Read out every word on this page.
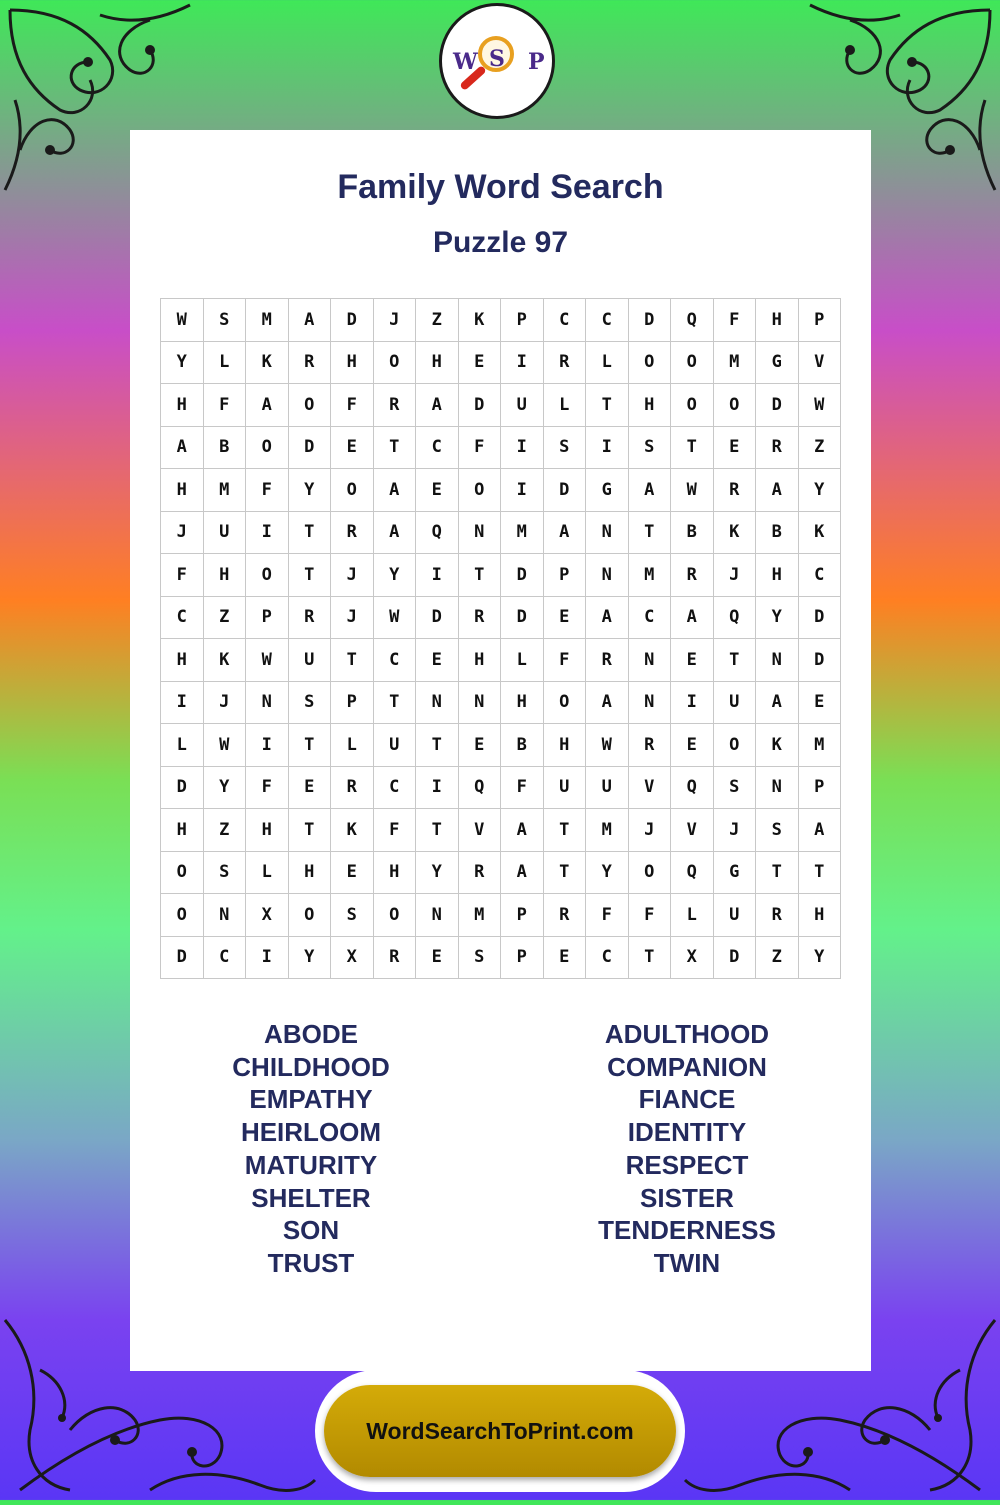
W S P
Family Word Search
Puzzle 97
W	S	M	A	D	J	Z	K	P	C	C	D	Q	F	H	P
Y	L	K	R	H	O	H	E	I	R	L	O	O	M	G	V
H	F	A	O	F	R	A	D	U	L	T	H	O	O	D	W
A	B	O	D	E	T	C	F	I	S	I	S	T	E	R	Z
H	M	F	Y	O	A	E	O	I	D	G	A	W	R	A	Y
J	U	I	T	R	A	Q	N	M	A	N	T	B	K	B	K
F	H	O	T	J	Y	I	T	D	P	N	M	R	J	H	C
C	Z	P	R	J	W	D	R	D	E	A	C	A	Q	Y	D
H	K	W	U	T	C	E	H	L	F	R	N	E	T	N	D
I	J	N	S	P	T	N	N	H	O	A	N	I	U	A	E
L	W	I	T	L	U	T	E	B	H	W	R	E	O	K	M
D	Y	F	E	R	C	I	Q	F	U	U	V	Q	S	N	P
H	Z	H	T	K	F	T	V	A	T	M	J	V	J	S	A
O	S	L	H	E	H	Y	R	A	T	Y	O	Q	G	T	T
O	N	X	O	S	O	N	M	P	R	F	F	L	U	R	H
D	C	I	Y	X	R	E	S	P	E	C	T	X	D	Z	Y
ABODE
CHILDHOOD
EMPATHY
HEIRLOOM
MATURITY
SHELTER
SON
TRUST
ADULTHOOD
COMPANION
FIANCE
IDENTITY
RESPECT
SISTER
TENDERNESS
TWIN
WordSearchToPrint.com
